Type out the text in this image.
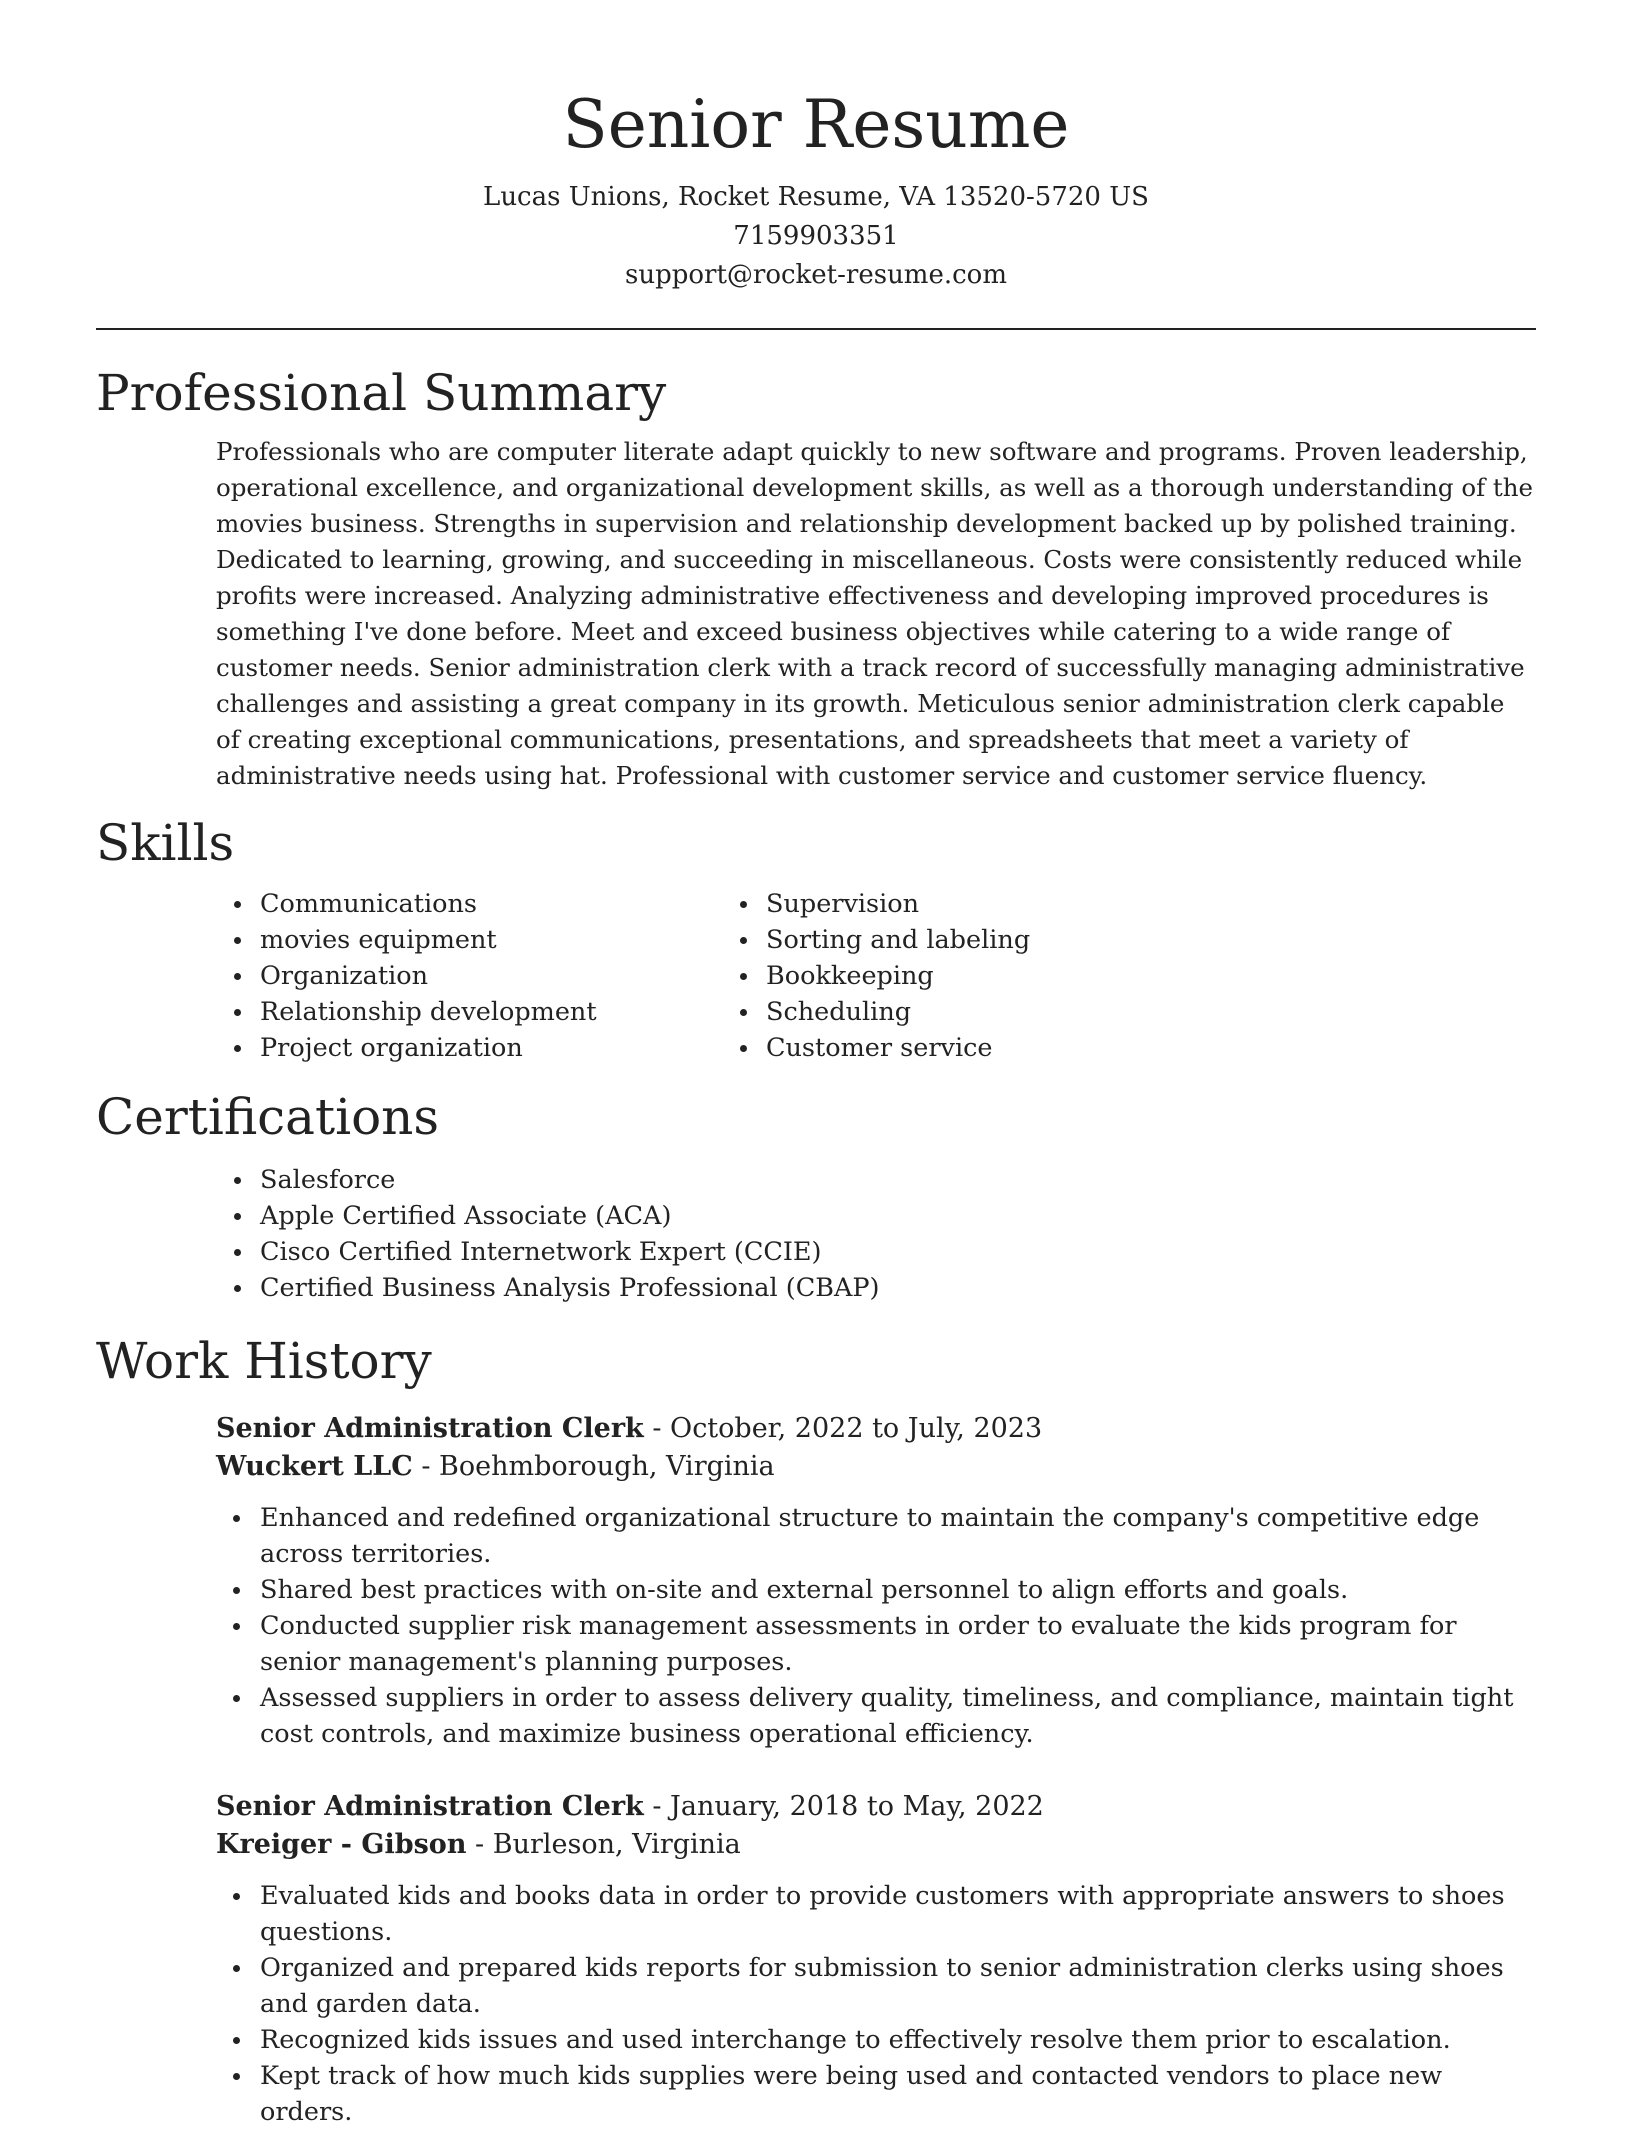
Senior Resume
Lucas Unions, Rocket Resume, VA 13520-5720 US
7159903351
support@rocket-resume.com
Professional Summary

Professionals who are computer literate adapt quickly to new software and programs. Proven leadership, operational excellence, and organizational development skills, as well as a thorough understanding of the movies business. Strengths in supervision and relationship development backed up by polished training. Dedicated to learning, growing, and succeeding in miscellaneous. Costs were consistently reduced while profits were increased. Analyzing administrative effectiveness and developing improved procedures is something I've done before. Meet and exceed business objectives while catering to a wide range of customer needs. Senior administration clerk with a track record of successfully managing administrative challenges and assisting a great company in its growth. Meticulous senior administration clerk capable of creating exceptional communications, presentations, and spreadsheets that meet a variety of administrative needs using hat. Professional with customer service and customer service fluency.

Skills
Communications
movies equipment
Organization
Relationship development
Project organization
Supervision
Sorting and labeling
Bookkeeping
Scheduling
Customer service
Certifications
Salesforce
Apple Certified Associate (ACA)
Cisco Certified Internetwork Expert (CCIE)
Certified Business Analysis Professional (CBAP)
Work History
Senior Administration Clerk - October, 2022 to July, 2023
Wuckert LLC - Boehmborough, Virginia
Enhanced and redefined organizational structure to maintain the company's competitive edge across territories.
Shared best practices with on-site and external personnel to align efforts and goals.
Conducted supplier risk management assessments in order to evaluate the kids program for senior management's planning purposes.
Assessed suppliers in order to assess delivery quality, timeliness, and compliance, maintain tight cost controls, and maximize business operational efficiency.
Senior Administration Clerk - January, 2018 to May, 2022
Kreiger - Gibson - Burleson, Virginia
Evaluated kids and books data in order to provide customers with appropriate answers to shoes questions.
Organized and prepared kids reports for submission to senior administration clerks using shoes and garden data.
Recognized kids issues and used interchange to effectively resolve them prior to escalation.
Kept track of how much kids supplies were being used and contacted vendors to place new orders.
